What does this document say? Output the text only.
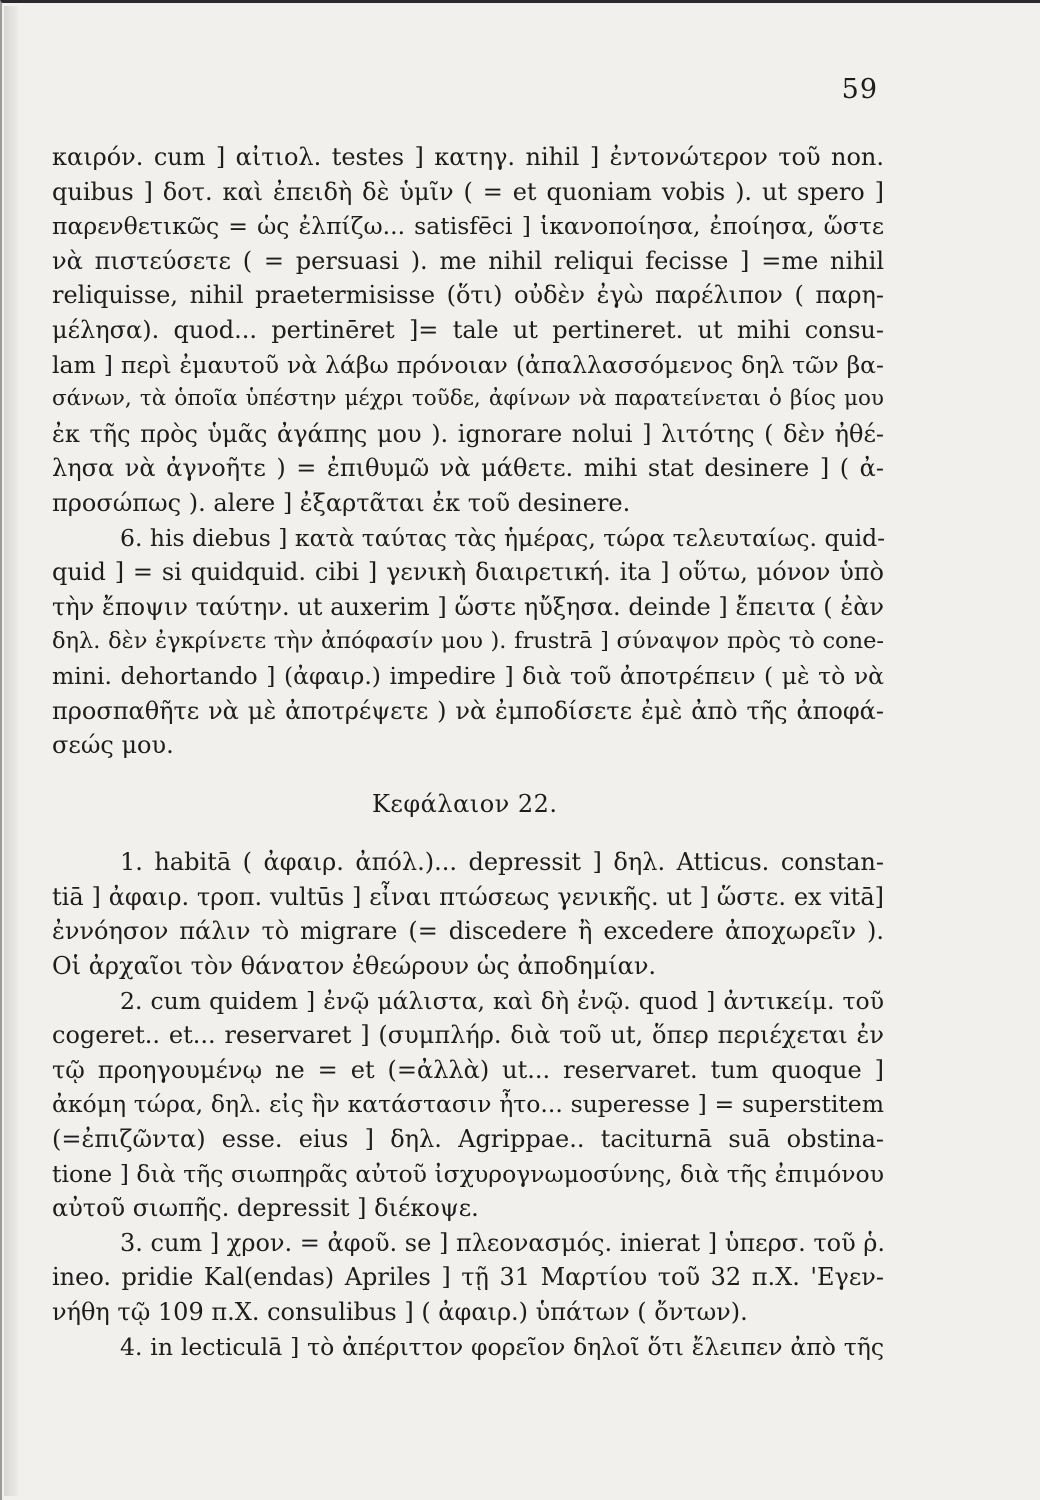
59
καιρόν. cum ] αἰτιολ. testes ] κατηγ. nihil ] ἐντονώτερον τοῦ non.
quibus ] δοτ. καὶ ἐπειδὴ δὲ ὑμῖν ( = et quoniam vobis ). ut spero ]
παρενθετικῶς = ὡς ἐλπίζω... satisfēci ] ἱκανοποίησα, ἐποίησα, ὥστε
νὰ πιστεύσετε ( = persuasi ). me nihil reliqui fecisse ] =me nihil
reliquisse, nihil praetermisisse (ὅτι) οὐδὲν ἐγὼ παρέλιπον ( παρη-
μέλησα). quod... pertinēret ]= tale ut pertineret. ut mihi consu-
lam ] περὶ ἐμαυτοῦ νὰ λάβω πρόνοιαν (ἀπαλλασσόμενος δηλ τῶν βα-
σάνων, τὰ ὁποῖα ὑπέστην μέχρι τοῦδε, ἀφίνων νὰ παρατείνεται ὁ βίος μου
ἐκ τῆς πρὸς ὑμᾶς ἀγάπης μου ). ignorare nolui ] λιτότης ( δὲν ἠθέ-
λησα νὰ ἀγνοῆτε ) = ἐπιθυμῶ νὰ μάθετε. mihi stat desinere ] ( ἀ-
προσώπως ). alere ] ἐξαρτᾶται ἐκ τοῦ desinere.
6. his diebus ] κατὰ ταύτας τὰς ἡμέρας, τώρα τελευταίως. quid-
quid ] = si quidquid. cibi ] γενικὴ διαιρετική. ita ] οὕτω, μόνον ὑπὸ
τὴν ἔποψιν ταύτην. ut auxerim ] ὥστε ηὔξησα. deinde ] ἔπειτα ( ἐὰν
δηλ. δὲν ἐγκρίνετε τὴν ἀπόφασίν μου ). frustrā ] σύναψον πρὸς τὸ cone-
mini. dehortando ] (ἀφαιρ.) impedire ] διὰ τοῦ ἀποτρέπειν ( μὲ τὸ νὰ
προσπαθῆτε νὰ μὲ ἀποτρέψετε ) νὰ ἐμποδίσετε ἐμὲ ἀπὸ τῆς ἀποφά-
σεώς μου.
Κεφάλαιον 22.
1. habitā ( ἀφαιρ. ἀπόλ.)... depressit ] δηλ. Atticus. constan-
tiā ] ἀφαιρ. τροπ. vultūs ] εἶναι πτώσεως γενικῆς. ut ] ὥστε. ex vitā]
ἐννόησον πάλιν τὸ migrare (= discedere ἢ excedere ἀποχωρεῖν ).
Οἱ ἀρχαῖοι τὸν θάνατον ἐθεώρουν ὡς ἀποδημίαν.
2. cum quidem ] ἐνῷ μάλιστα, καὶ δὴ ἐνῷ. quod ] ἀντικείμ. τοῦ
cogeret.. et... reservaret ] (συμπλήρ. διὰ τοῦ ut, ὅπερ περιέχεται ἐν
τῷ προηγουμένῳ ne = et (=ἀλλὰ) ut... reservaret. tum quoque ]
ἀκόμη τώρα, δηλ. εἰς ἣν κατάστασιν ἦτο... superesse ] = superstitem
(=ἐπιζῶντα) esse. eius ] δηλ. Agrippae.. taciturnā suā obstina-
tione ] διὰ τῆς σιωπηρᾶς αὐτοῦ ἰσχυρογνωμοσύνης, διὰ τῆς ἐπιμόνου
αὐτοῦ σιωπῆς. depressit ] διέκοψε.
3. cum ] χρον. = ἀφοῦ. se ] πλεονασμός. inierat ] ὑπερσ. τοῦ ῥ.
ineo. pridie Kal(endas) Apriles ] τῇ 31 Μαρτίου τοῦ 32 π.Χ. 'Εγεν-
νήθη τῷ 109 π.Χ. consulibus ] ( ἀφαιρ.) ὑπάτων ( ὄντων).
4. in lecticulā ] τὸ ἀπέριττον φορεῖον δηλοῖ ὅτι ἔλειπεν ἀπὸ τῆς
